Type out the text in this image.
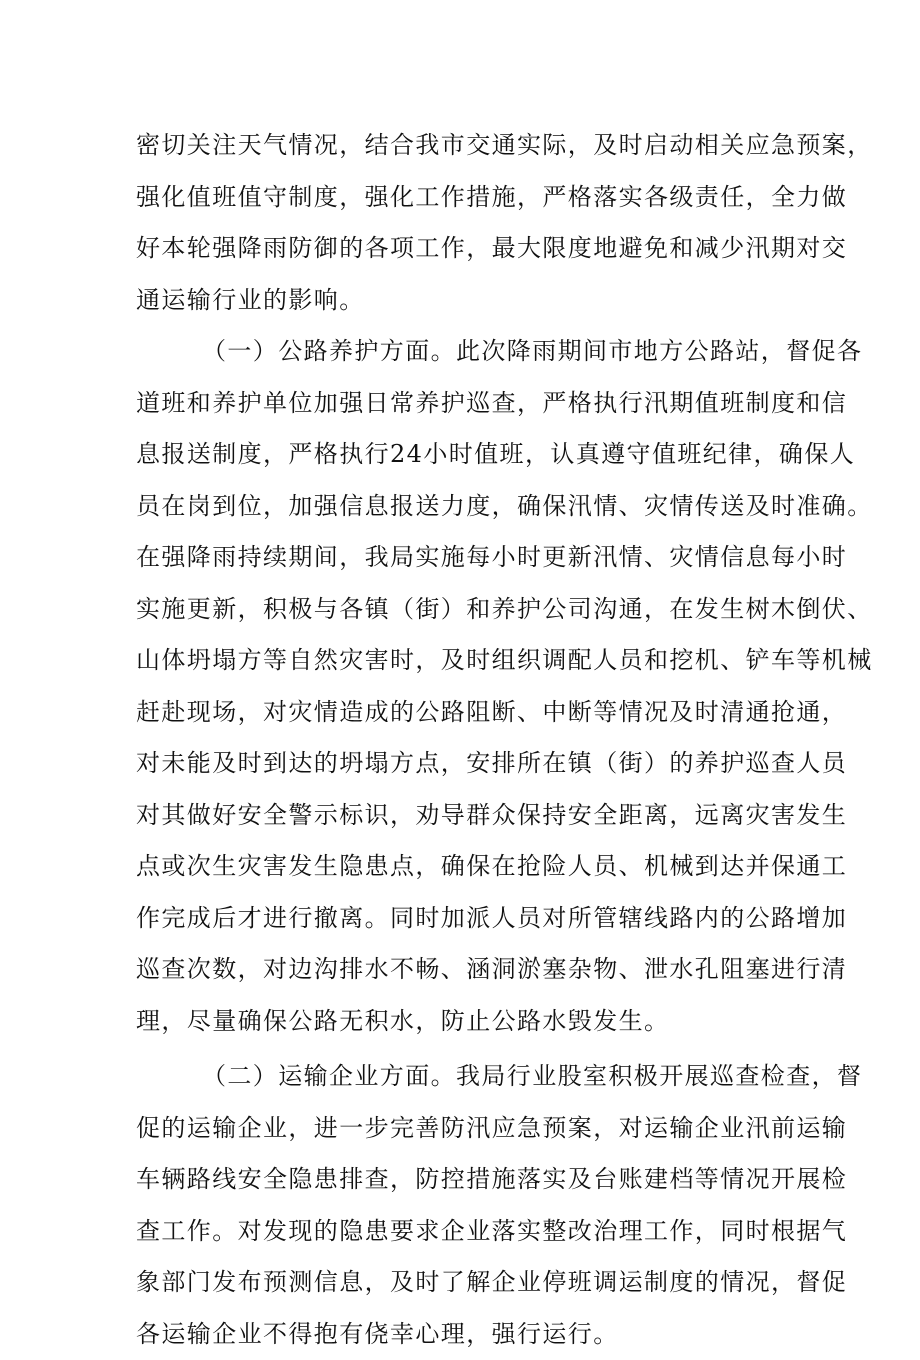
密切关注天气情况，结合我市交通实际，及时启动相关应急预案，
强化值班值守制度，强化工作措施，严格落实各级责任，全力做
好本轮强降雨防御的各项工作，最大限度地避免和减少汛期对交
通运输行业的影响。
（一）公路养护方面。此次降雨期间市地方公路站，督促各
道班和养护单位加强日常养护巡查，严格执行汛期值班制度和信
息报送制度，严格执行24小时值班，认真遵守值班纪律，确保人
员在岗到位，加强信息报送力度，确保汛情、灾情传送及时准确。
在强降雨持续期间，我局实施每小时更新汛情、灾情信息每小时
实施更新，积极与各镇（街）和养护公司沟通，在发生树木倒伏、
山体坍塌方等自然灾害时，及时组织调配人员和挖机、铲车等机械
赶赴现场，对灾情造成的公路阻断、中断等情况及时清通抢通，
对未能及时到达的坍塌方点，安排所在镇（街）的养护巡查人员
对其做好安全警示标识，劝导群众保持安全距离，远离灾害发生
点或次生灾害发生隐患点，确保在抢险人员、机械到达并保通工
作完成后才进行撤离。同时加派人员对所管辖线路内的公路增加
巡查次数，对边沟排水不畅、涵洞淤塞杂物、泄水孔阻塞进行清
理，尽量确保公路无积水，防止公路水毁发生。
（二）运输企业方面。我局行业股室积极开展巡查检查，督
促的运输企业，进一步完善防汛应急预案，对运输企业汛前运输
车辆路线安全隐患排查，防控措施落实及台账建档等情况开展检
查工作。对发现的隐患要求企业落实整改治理工作，同时根据气
象部门发布预测信息，及时了解企业停班调运制度的情况，督促
各运输企业不得抱有侥幸心理，强行运行。
